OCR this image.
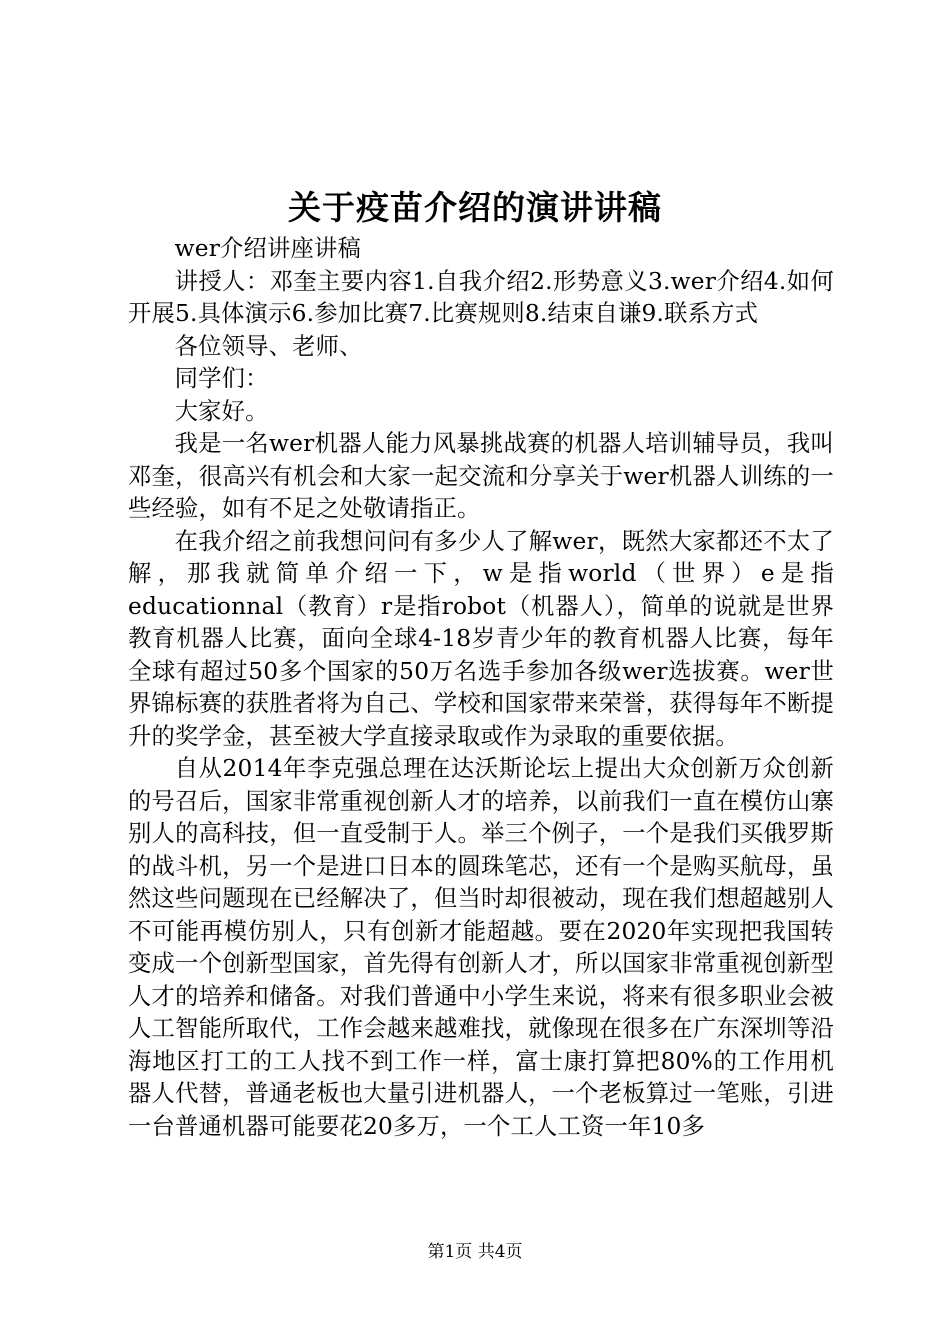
关于疫苗介绍的演讲讲稿

wer介绍讲座讲稿

讲授人：邓奎主要内容1.自我介绍2.形势意义3.wer介绍4.如何开展5.具体演示6.参加比赛7.比赛规则8.结束自谦9.联系方式

各位领导、老师、

同学们：

大家好。

我是一名wer机器人能力风暴挑战赛的机器人培训辅导员，我叫邓奎，很高兴有机会和大家一起交流和分享关于wer机器人训练的一些经验，如有不足之处敬请指正。

在我介绍之前我想问问有多少人了解wer，既然大家都还不太了解，那我就简单介绍一下，w是指world（世界）e是指educationnal（教育）r是指robot（机器人），简单的说就是世界教育机器人比赛，面向全球4-18岁青少年的教育机器人比赛，每年全球有超过50多个国家的50万名选手参加各级wer选拔赛。wer世界锦标赛的获胜者将为自己、学校和国家带来荣誉，获得每年不断提升的奖学金，甚至被大学直接录取或作为录取的重要依据。

自从2014年李克强总理在达沃斯论坛上提出大众创新万众创新的号召后，国家非常重视创新人才的培养，以前我们一直在模仿山寨别人的高科技，但一直受制于人。举三个例子，一个是我们买俄罗斯的战斗机，另一个是进口日本的圆珠笔芯，还有一个是购买航母，虽然这些问题现在已经解决了，但当时却很被动，现在我们想超越别人不可能再模仿别人，只有创新才能超越。要在2020年实现把我国转变成一个创新型国家，首先得有创新人才，所以国家非常重视创新型人才的培养和储备。对我们普通中小学生来说，将来有很多职业会被人工智能所取代，工作会越来越难找，就像现在很多在广东深圳等沿海地区打工的工人找不到工作一样，富士康打算把80%的工作用机器人代替，普通老板也大量引进机器人，一个老板算过一笔账，引进一台普通机器可能要花20多万，一个工人工资一年10多

第1页 共4页
